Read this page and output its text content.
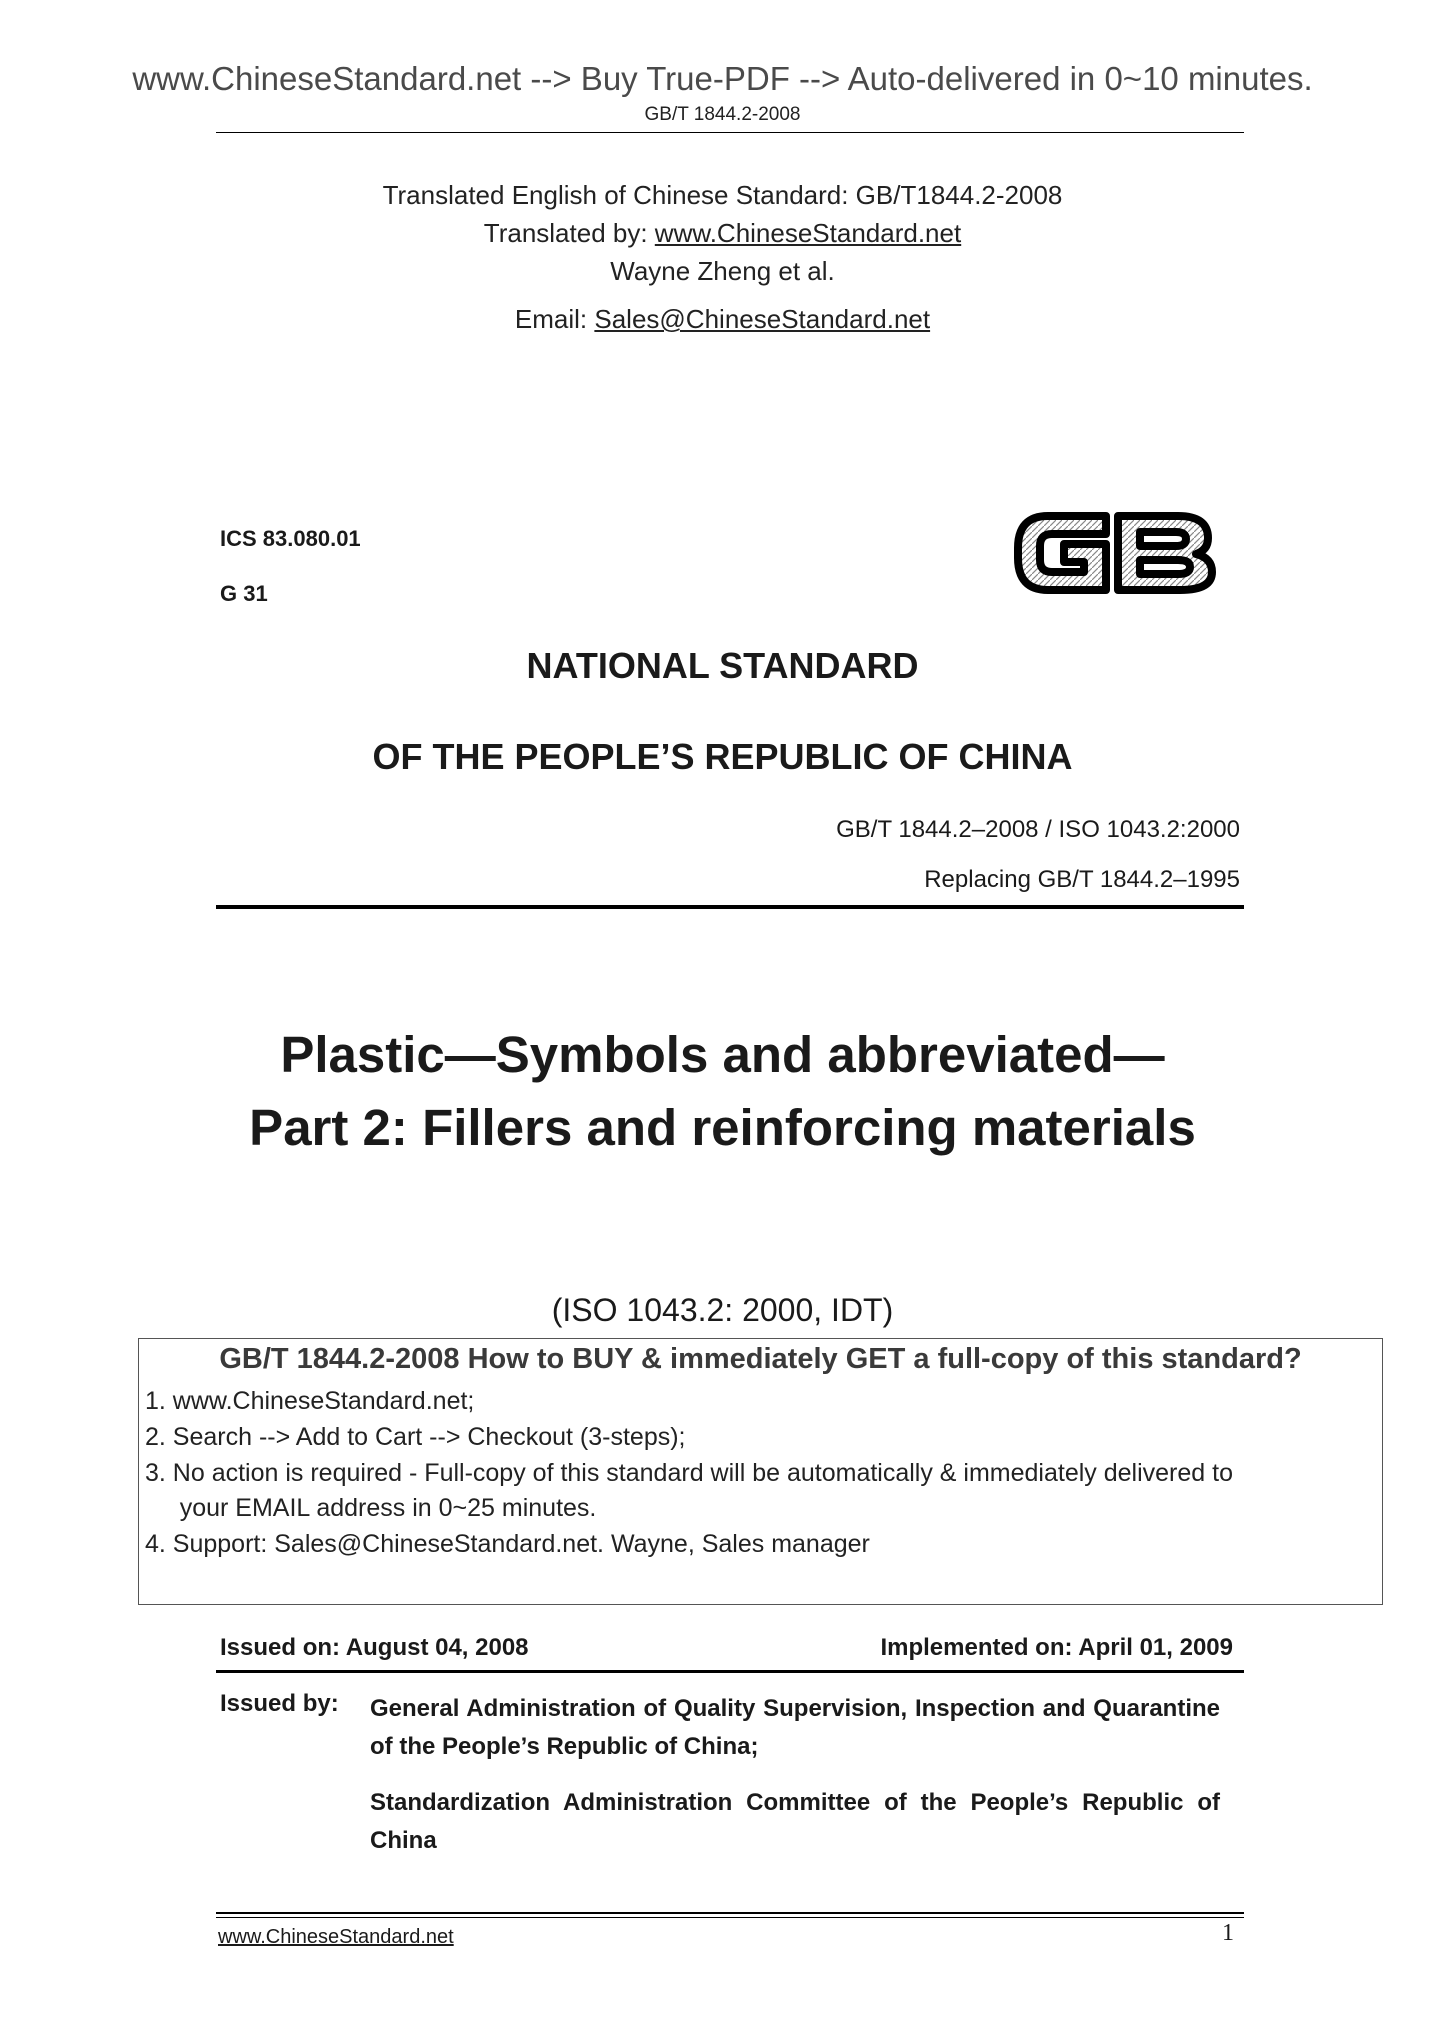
www.ChineseStandard.net --> Buy True-PDF --> Auto-delivered in 0~10 minutes.
GB/T 1844.2-2008
Translated English of Chinese Standard: GB/T1844.2-2008
Translated by: www.ChineseStandard.net
Wayne Zheng et al.
Email: Sales@ChineseStandard.net
ICS 83.080.01
G 31
NATIONAL STANDARD
OF THE PEOPLE’S REPUBLIC OF CHINA
GB/T 1844.2–2008 / ISO 1043.2:2000
Replacing GB/T 1844.2–1995
Plastic—Symbols and abbreviated—
Part 2: Fillers and reinforcing materials
(ISO 1043.2: 2000, IDT)
GB/T 1844.2-2008 How to BUY & immediately GET a full-copy of this standard?
1. www.ChineseStandard.net;
2. Search --> Add to Cart --> Checkout (3-steps);
3. No action is required - Full-copy of this standard will be automatically & immediately delivered to
your EMAIL address in 0~25 minutes.
4. Support: Sales@ChineseStandard.net. Wayne, Sales manager
Issued on: August 04, 2008	Implemented on: April 01, 2009
Issued by: General Administration of Quality Supervision, Inspection and Quarantine of the People’s Republic of China;
Standardization Administration Committee of the People’s Republic of China
www.ChineseStandard.net	1
